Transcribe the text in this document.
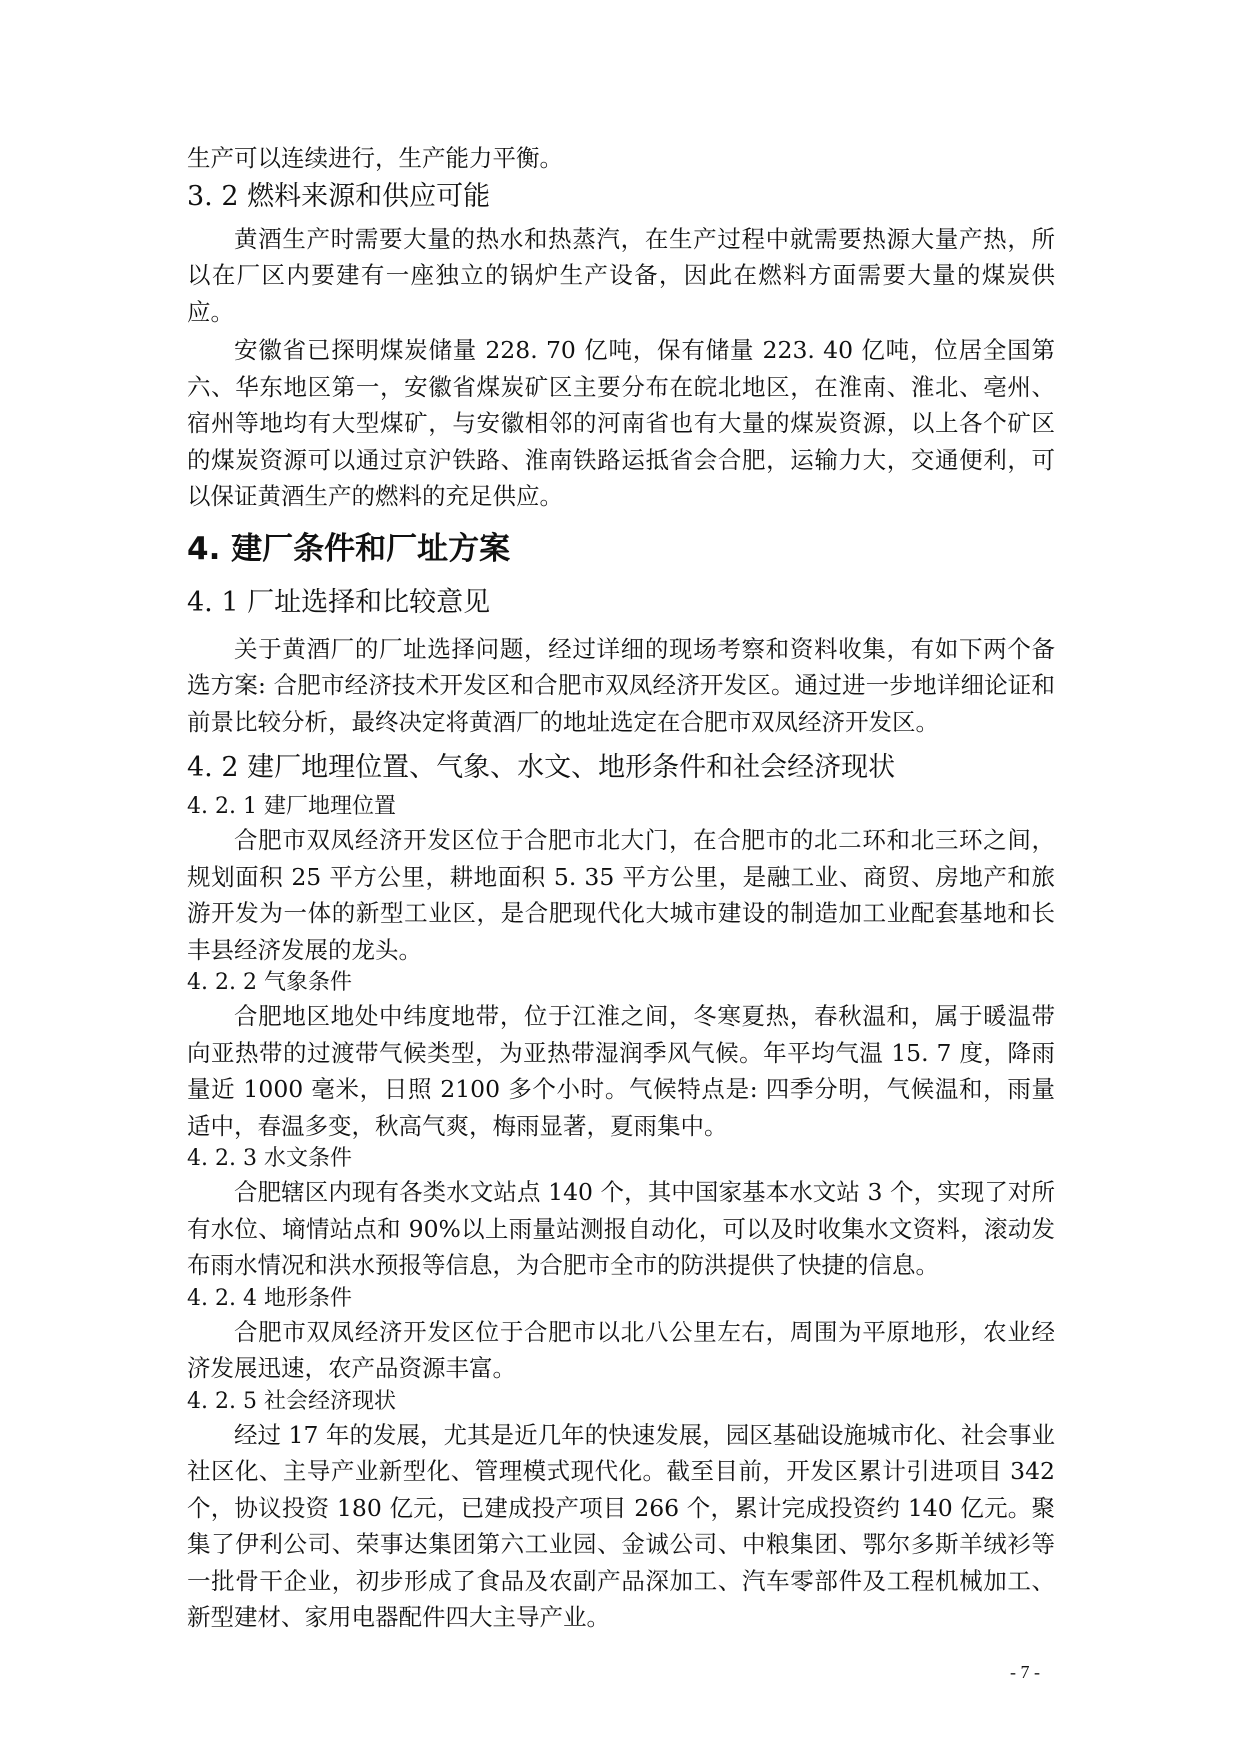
生产可以连续进行，生产能力平衡。

3. 2 燃料来源和供应可能

黄酒生产时需要大量的热水和热蒸汽，在生产过程中就需要热源大量产热，所以在厂区内要建有一座独立的锅炉生产设备，因此在燃料方面需要大量的煤炭供应。

安徽省已探明煤炭储量 228. 70 亿吨，保有储量 223. 40 亿吨，位居全国第六、华东地区第一，安徽省煤炭矿区主要分布在皖北地区，在淮南、淮北、亳州、宿州等地均有大型煤矿，与安徽相邻的河南省也有大量的煤炭资源，以上各个矿区的煤炭资源可以通过京沪铁路、淮南铁路运抵省会合肥，运输力大，交通便利，可以保证黄酒生产的燃料的充足供应。

4. 建厂条件和厂址方案
4. 1 厂址选择和比较意见

关于黄酒厂的厂址选择问题，经过详细的现场考察和资料收集，有如下两个备选方案: 合肥市经济技术开发区和合肥市双凤经济开发区。通过进一步地详细论证和前景比较分析，最终决定将黄酒厂的地址选定在合肥市双凤经济开发区。

4. 2 建厂地理位置、气象、水文、地形条件和社会经济现状
4. 2. 1 建厂地理位置

合肥市双凤经济开发区位于合肥市北大门，在合肥市的北二环和北三环之间，规划面积 25 平方公里，耕地面积 5. 35 平方公里，是融工业、商贸、房地产和旅游开发为一体的新型工业区，是合肥现代化大城市建设的制造加工业配套基地和长丰县经济发展的龙头。

4. 2. 2 气象条件

合肥地区地处中纬度地带，位于江淮之间，冬寒夏热，春秋温和，属于暖温带向亚热带的过渡带气候类型，为亚热带湿润季风气候。年平均气温 15. 7 度，降雨量近 1000 毫米，日照 2100 多个小时。气候特点是: 四季分明，气候温和，雨量适中，春温多变，秋高气爽，梅雨显著，夏雨集中。

4. 2. 3 水文条件

合肥辖区内现有各类水文站点 140 个，其中国家基本水文站 3 个，实现了对所有水位、墒情站点和 90%以上雨量站测报自动化，可以及时收集水文资料，滚动发布雨水情况和洪水预报等信息，为合肥市全市的防洪提供了快捷的信息。

4. 2. 4 地形条件

合肥市双凤经济开发区位于合肥市以北八公里左右，周围为平原地形，农业经济发展迅速，农产品资源丰富。

4. 2. 5 社会经济现状

经过 17 年的发展，尤其是近几年的快速发展，园区基础设施城市化、社会事业社区化、主导产业新型化、管理模式现代化。截至目前，开发区累计引进项目 342 个，协议投资 180 亿元，已建成投产项目 266 个，累计完成投资约 140 亿元。聚集了伊利公司、荣事达集团第六工业园、金诚公司、中粮集团、鄂尔多斯羊绒衫等一批骨干企业，初步形成了食品及农副产品深加工、汽车零部件及工程机械加工、新型建材、家用电器配件四大主导产业。

- 7 -
